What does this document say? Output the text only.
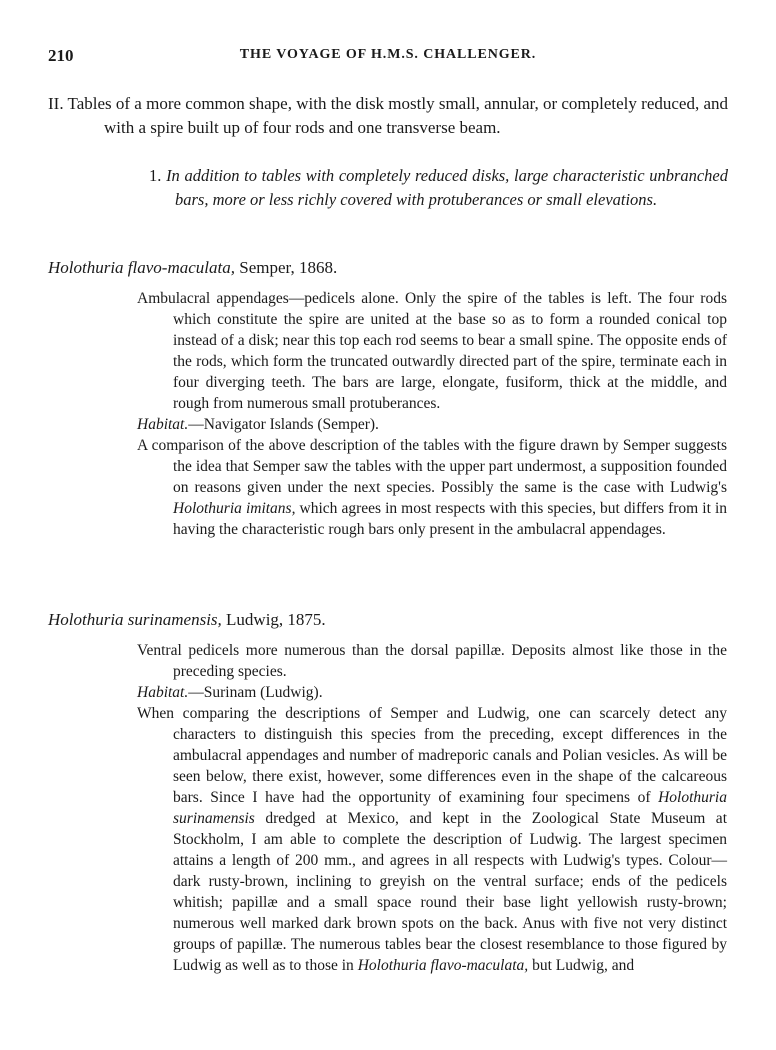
210	THE VOYAGE OF H.M.S. CHALLENGER.

II. Tables of a more common shape, with the disk mostly small, annular, or completely reduced, and with a spire built up of four rods and one transverse beam.

1. In addition to tables with completely reduced disks, large characteristic unbranched bars, more or less richly covered with protuberances or small elevations.

Holothuria flavo-maculata, Semper, 1868.

Ambulacral appendages—pedicels alone. Only the spire of the tables is left. The four rods which constitute the spire are united at the base so as to form a rounded conical top instead of a disk; near this top each rod seems to bear a small spine. The opposite ends of the rods, which form the truncated outwardly directed part of the spire, terminate each in four diverging teeth. The bars are large, elongate, fusiform, thick at the middle, and rough from numerous small protuberances.

Habitat.—Navigator Islands (Semper).

A comparison of the above description of the tables with the figure drawn by Semper suggests the idea that Semper saw the tables with the upper part undermost, a supposition founded on reasons given under the next species. Possibly the same is the case with Ludwig's Holothuria imitans, which agrees in most respects with this species, but differs from it in having the characteristic rough bars only present in the ambulacral appendages.

Holothuria surinamensis, Ludwig, 1875.

Ventral pedicels more numerous than the dorsal papillæ. Deposits almost like those in the preceding species.

Habitat.—Surinam (Ludwig).

When comparing the descriptions of Semper and Ludwig, one can scarcely detect any characters to distinguish this species from the preceding, except differences in the ambulacral appendages and number of madreporic canals and Polian vesicles. As will be seen below, there exist, however, some differences even in the shape of the calcareous bars. Since I have had the opportunity of examining four specimens of Holothuria surinamensis dredged at Mexico, and kept in the Zoological State Museum at Stockholm, I am able to complete the description of Ludwig. The largest specimen attains a length of 200 mm., and agrees in all respects with Ludwig's types. Colour—dark rusty-brown, inclining to greyish on the ventral surface; ends of the pedicels whitish; papillæ and a small space round their base light yellowish rusty-brown; numerous well marked dark brown spots on the back. Anus with five not very distinct groups of papillæ. The numerous tables bear the closest resemblance to those figured by Ludwig as well as to those in Holothuria flavo-maculata, but Ludwig, and
